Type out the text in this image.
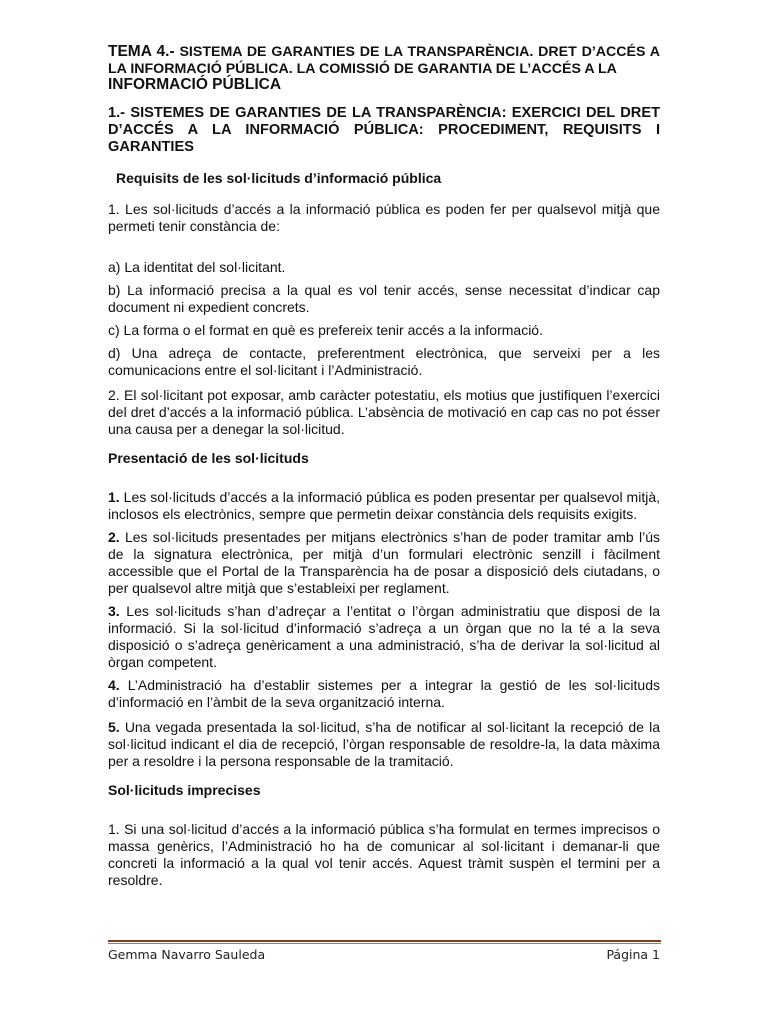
TEMA 4.- SISTEMA DE GARANTIES DE LA TRANSPARÈNCIA. DRET D’ACCÉS A LA INFORMACIÓ PÚBLICA. LA COMISSIÓ DE GARANTIA DE L’ACCÉS A LA
INFORMACIÓ PÚBLICA
1.- SISTEMES DE GARANTIES DE LA TRANSPARÈNCIA: EXERCICI DEL DRET D’ACCÉS A LA INFORMACIÓ PÚBLICA: PROCEDIMENT, REQUISITS I GARANTIES
Requisits de les sol·licituds d’informació pública

1. Les sol·licituds d’accés a la informació pública es poden fer per qualsevol mitjà que permeti tenir constància de:

a) La identitat del sol·licitant.

b) La informació precisa a la qual es vol tenir accés, sense necessitat d’indicar cap document ni expedient concrets.

c) La forma o el format en què es prefereix tenir accés a la informació.

d) Una adreça de contacte, preferentment electrònica, que serveixi per a les comunicacions entre el sol·licitant i l’Administració.

2. El sol·licitant pot exposar, amb caràcter potestatiu, els motius que justifiquen l’exercici del dret d’accés a la informació pública. L’absència de motivació en cap cas no pot ésser una causa per a denegar la sol·licitud.

Presentació de les sol·licituds

1. Les sol·licituds d’accés a la informació pública es poden presentar per qualsevol mitjà, inclosos els electrònics, sempre que permetin deixar constància dels requisits exigits.

2. Les sol·licituds presentades per mitjans electrònics s’han de poder tramitar amb l’ús de la signatura electrònica, per mitjà d’un formulari electrònic senzill i fàcilment accessible que el Portal de la Transparència ha de posar a disposició dels ciutadans, o per qualsevol altre mitjà que s’estableixi per reglament.

3. Les sol·licituds s’han d’adreçar a l’entitat o l’òrgan administratiu que disposi de la informació. Si la sol·licitud d’informació s’adreça a un òrgan que no la té a la seva disposició o s’adreça genèricament a una administració, s’ha de derivar la sol·licitud al òrgan competent.

4. L’Administració ha d’establir sistemes per a integrar la gestió de les sol·licituds d’informació en l’àmbit de la seva organització interna.

5. Una vegada presentada la sol·licitud, s’ha de notificar al sol·licitant la recepció de la sol·licitud indicant el dia de recepció, l’òrgan responsable de resoldre-la, la data màxima per a resoldre i la persona responsable de la tramitació.

Sol·licituds imprecises

1. Si una sol·licitud d’accés a la informació pública s’ha formulat en termes imprecisos o massa genèrics, l’Administració ho ha de comunicar al sol·licitant i demanar-li que concreti la informació a la qual vol tenir accés. Aquest tràmit suspèn el termini per a resoldre.

Gemma Navarro Sauleda	Página 1
